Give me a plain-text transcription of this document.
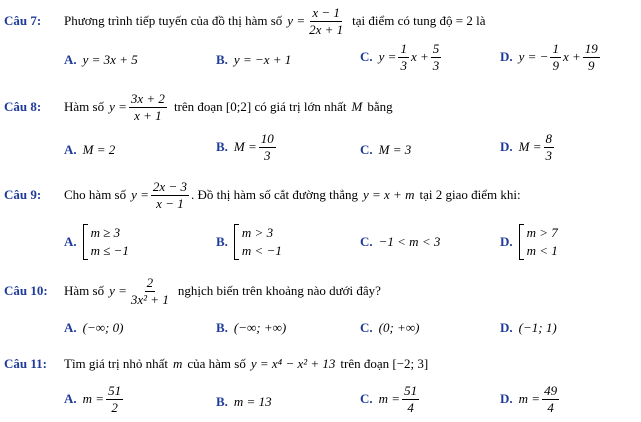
Câu 7:	Phương trình tiếp tuyến của đồ thị hàm số $y = \frac{x - 1}{2x + 1}$ tại điểm có tung độ = 2 là
A. y = 3x + 5	B. y = −x + 1	C. $y = \frac{1}{3}$ $x + \frac{5}{3}$	D. y = − $\frac{1}{9}$ $x + \frac{19}{9}$
Câu 8:	Hàm số $y = \frac{3x + 2}{x + 1}$ trên đoạn [0;2] có giá trị lớn nhất M bằng
A. M = 2	B. $M = \frac{10}{3}$	C. M = 3	D. $M = \frac{8}{3}$
Câu 9:	Cho hàm số $y = \frac{2x - 3}{x - 1}$ . Đồ thị hàm số cắt đường thẳng y = x + m tại 2 giao điểm khi:
A.
m ≥ 3
m ≤ −1
B.
m > 3
m < −1
C. −1 < m < 3	D.
m > 7
m < 1
Câu 10:	Hàm số $y = \frac{2}{\text{3x² + 1}}$ nghịch biến trên khoảng nào dưới đây?
A. (−∞; 0)	B. (−∞; +∞)	C. (0; +∞)	D. (−1; 1)
Câu 11:	Tìm giá trị nhỏ nhất m của hàm số y = x⁴ − x² + 13 trên đoạn [−2; 3]
A. $m = \frac{51}{2}$	B. m = 13	C. $m = \frac{51}{4}$	D. $m = \frac{49}{4}$
